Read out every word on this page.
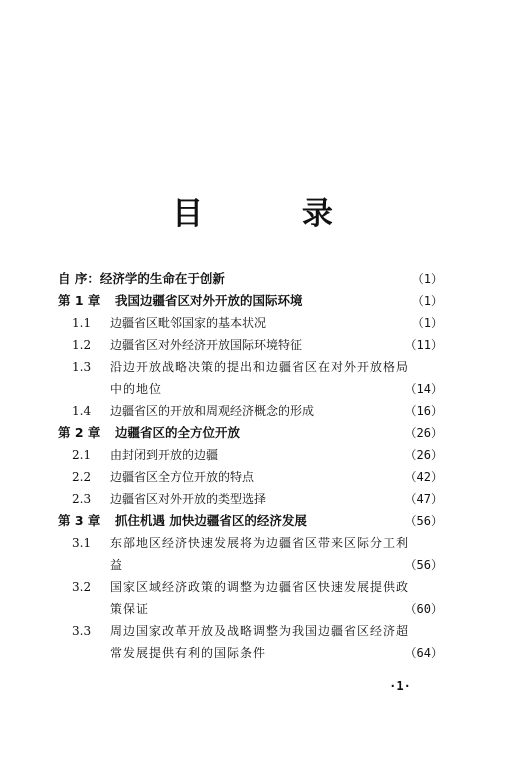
目 录
自 序：经济学的生命在于创新	（1）
第 1 章 我国边疆省区对外开放的国际环境	（1）
1.1 边疆省区毗邻国家的基本状况	（1）
1.2 边疆省区对外经济开放国际环境特征	（11）
1.3 沿边开放战略决策的提出和边疆省区在对外开放格局中的地位	（14）
1.4 边疆省区的开放和周观经济概念的形成	（16）
第 2 章 边疆省区的全方位开放	（26）
2.1 由封闭到开放的边疆	（26）
2.2 边疆省区全方位开放的特点	（42）
2.3 边疆省区对外开放的类型选择	（47）
第 3 章 抓住机遇 加快边疆省区的经济发展	（56）
3.1 东部地区经济快速发展将为边疆省区带来区际分工利益	（56）
3.2 国家区域经济政策的调整为边疆省区快速发展提供政策保证	（60）
3.3 周边国家改革开放及战略调整为我国边疆省区经济超常发展提供有利的国际条件	（64）
·1·
